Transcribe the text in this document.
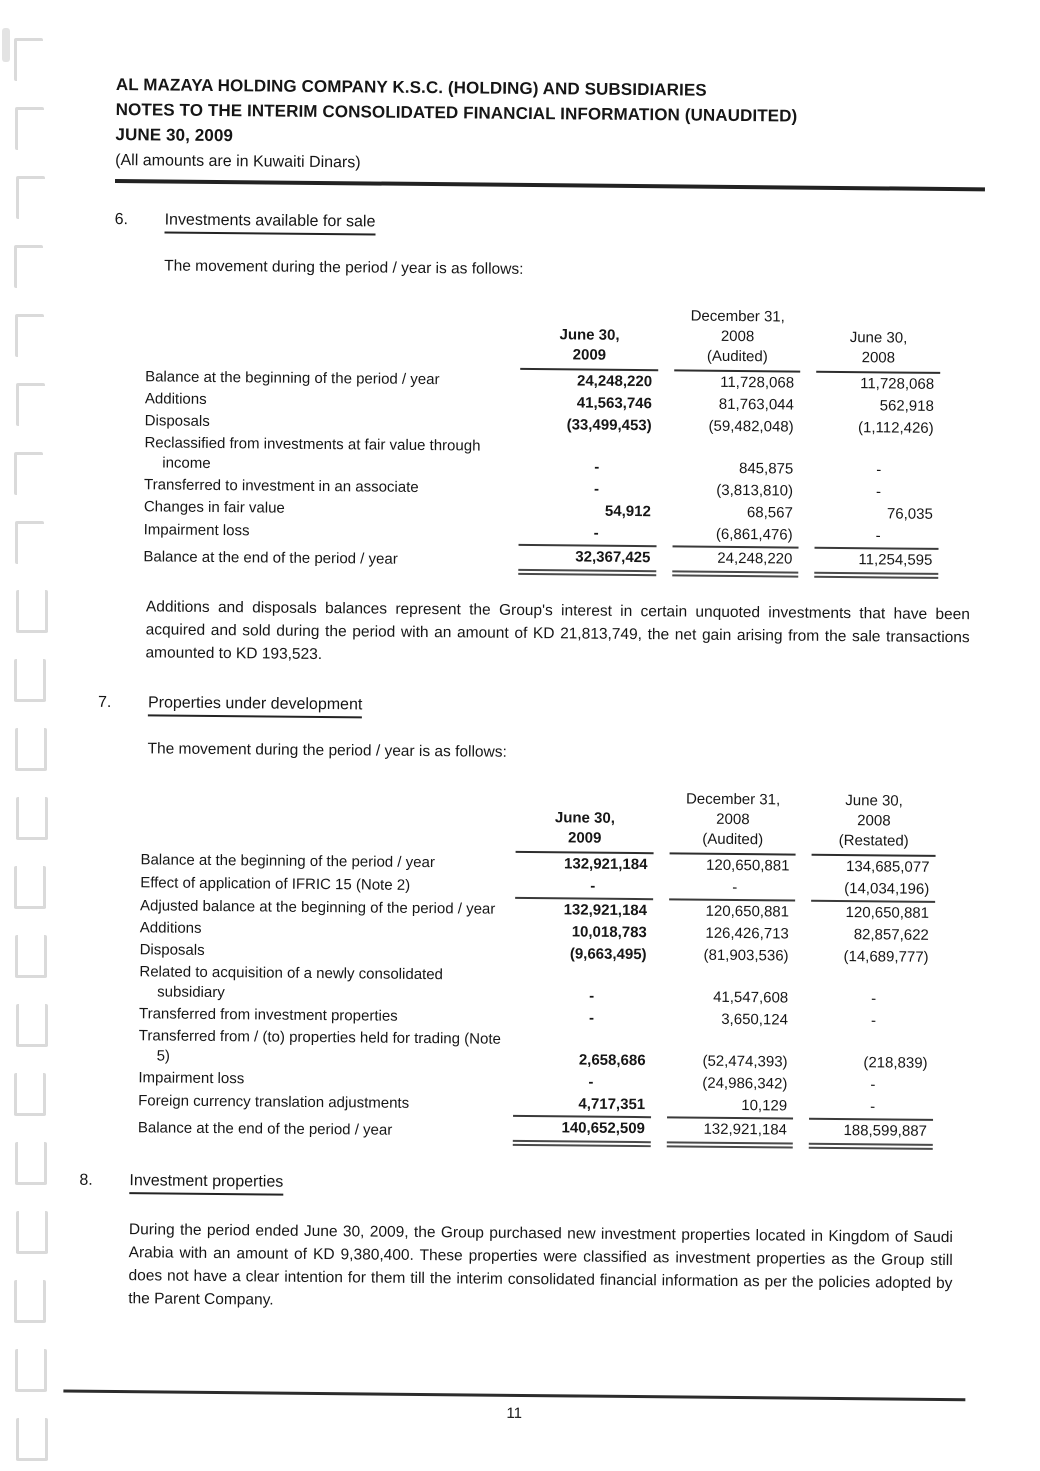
AL MAZAYA HOLDING COMPANY K.S.C. (HOLDING) AND SUBSIDIARIES
NOTES TO THE INTERIM CONSOLIDATED FINANCIAL INFORMATION (UNAUDITED)
JUNE 30, 2009
(All amounts are in Kuwaiti Dinars)
6.	Investments available for sale
The movement during the period / year is as follows:

	June 30,
2009		December 31,
2008
(Audited)		June 30,
2008

Balance at the beginning of the period / year	24,248,220		11,728,068		11,728,068
Additions	41,563,746		81,763,044		562,918
Disposals	(33,499,453)		(59,482,048)		(1,112,426)
Reclassified from investments at fair value through income	-		845,875		-
Transferred to investment in an associate	-		(3,813,810)		-
Changes in fair value	54,912		68,567		76,035
Impairment loss	-		(6,861,476)		-
Balance at the end of the period / year	32,367,425		24,248,220		11,254,595
Additions and disposals balances represent the Group's interest in certain unquoted investments that have been acquired and sold during the period with an amount of KD 21,813,749, the net gain arising from the sale transactions amounted to KD 193,523.
7.	Properties under development
The movement during the period / year is as follows:

	June 30,
2009		December 31,
2008
(Audited)		June 30,
2008
(Restated)

Balance at the beginning of the period / year	132,921,184		120,650,881		134,685,077
Effect of application of IFRIC 15 (Note 2)	-		-		(14,034,196)
Adjusted balance at the beginning of the period / year	132,921,184		120,650,881		120,650,881
Additions	10,018,783		126,426,713		82,857,622
Disposals	(9,663,495)		(81,903,536)		(14,689,777)
Related to acquisition of a newly consolidated subsidiary	-		41,547,608		-
Transferred from investment properties	-		3,650,124		-
Transferred from / (to) properties held for trading (Note 5)	2,658,686		(52,474,393)		(218,839)
Impairment loss	-		(24,986,342)		-
Foreign currency translation adjustments	4,717,351		10,129		-
Balance at the end of the period / year	140,652,509		132,921,184		188,599,887
8.	Investment properties
During the period ended June 30, 2009, the Group purchased new investment properties located in Kingdom of Saudi Arabia with an amount of KD 9,380,400. These properties were classified as investment properties as the Group still does not have a clear intention for them till the interim consolidated financial information as per the policies adopted by the Parent Company.
11
